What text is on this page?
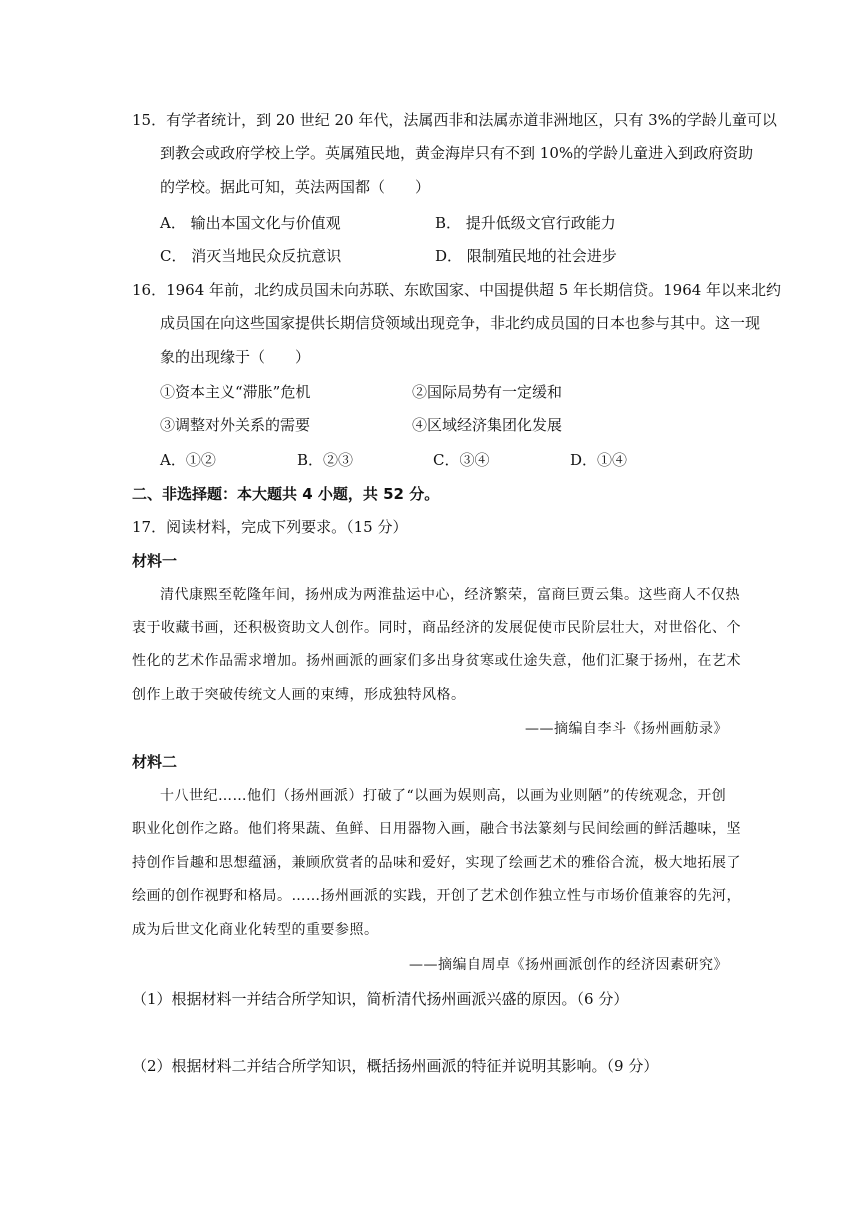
15．有学者统计，到 20 世纪 20 年代，法属西非和法属赤道非洲地区，只有 3%的学龄儿童可以
到教会或政府学校上学。英属殖民地，黄金海岸只有不到 10%的学龄儿童进入到政府资助
的学校。据此可知，英法两国都（　　）
A． 输出本国文化与价值观	B． 提升低级文官行政能力
C． 消灭当地民众反抗意识	D． 限制殖民地的社会进步
16．1964 年前，北约成员国未向苏联、东欧国家、中国提供超 5 年长期信贷。1964 年以来北约
成员国在向这些国家提供长期信贷领域出现竞争，非北约成员国的日本也参与其中。这一现
象的出现缘于（　　）
①资本主义“滞胀”危机	②国际局势有一定缓和
③调整对外关系的需要	④区域经济集团化发展
A．①②	B．②③	C．③④	D．①④
二、非选择题：本大题共 4 小题，共 52 分。
17．阅读材料，完成下列要求。（15 分）
材料一
清代康熙至乾隆年间，扬州成为两淮盐运中心，经济繁荣，富商巨贾云集。这些商人不仅热
衷于收藏书画，还积极资助文人创作。同时，商品经济的发展促使市民阶层壮大，对世俗化、个
性化的艺术作品需求增加。扬州画派的画家们多出身贫寒或仕途失意，他们汇聚于扬州，在艺术
创作上敢于突破传统文人画的束缚，形成独特风格。
——摘编自李斗《扬州画舫录》
材料二
十八世纪……他们（扬州画派）打破了“以画为娱则高，以画为业则陋”的传统观念，开创
职业化创作之路。他们将果蔬、鱼鲜、日用器物入画，融合书法篆刻与民间绘画的鲜活趣味，坚
持创作旨趣和思想蕴涵，兼顾欣赏者的品味和爱好，实现了绘画艺术的雅俗合流，极大地拓展了
绘画的创作视野和格局。……扬州画派的实践，开创了艺术创作独立性与市场价值兼容的先河，
成为后世文化商业化转型的重要参照。
——摘编自周卓《扬州画派创作的经济因素研究》
（1）根据材料一并结合所学知识，简析清代扬州画派兴盛的原因。（6 分）
（2）根据材料二并结合所学知识，概括扬州画派的特征并说明其影响。（9 分）
